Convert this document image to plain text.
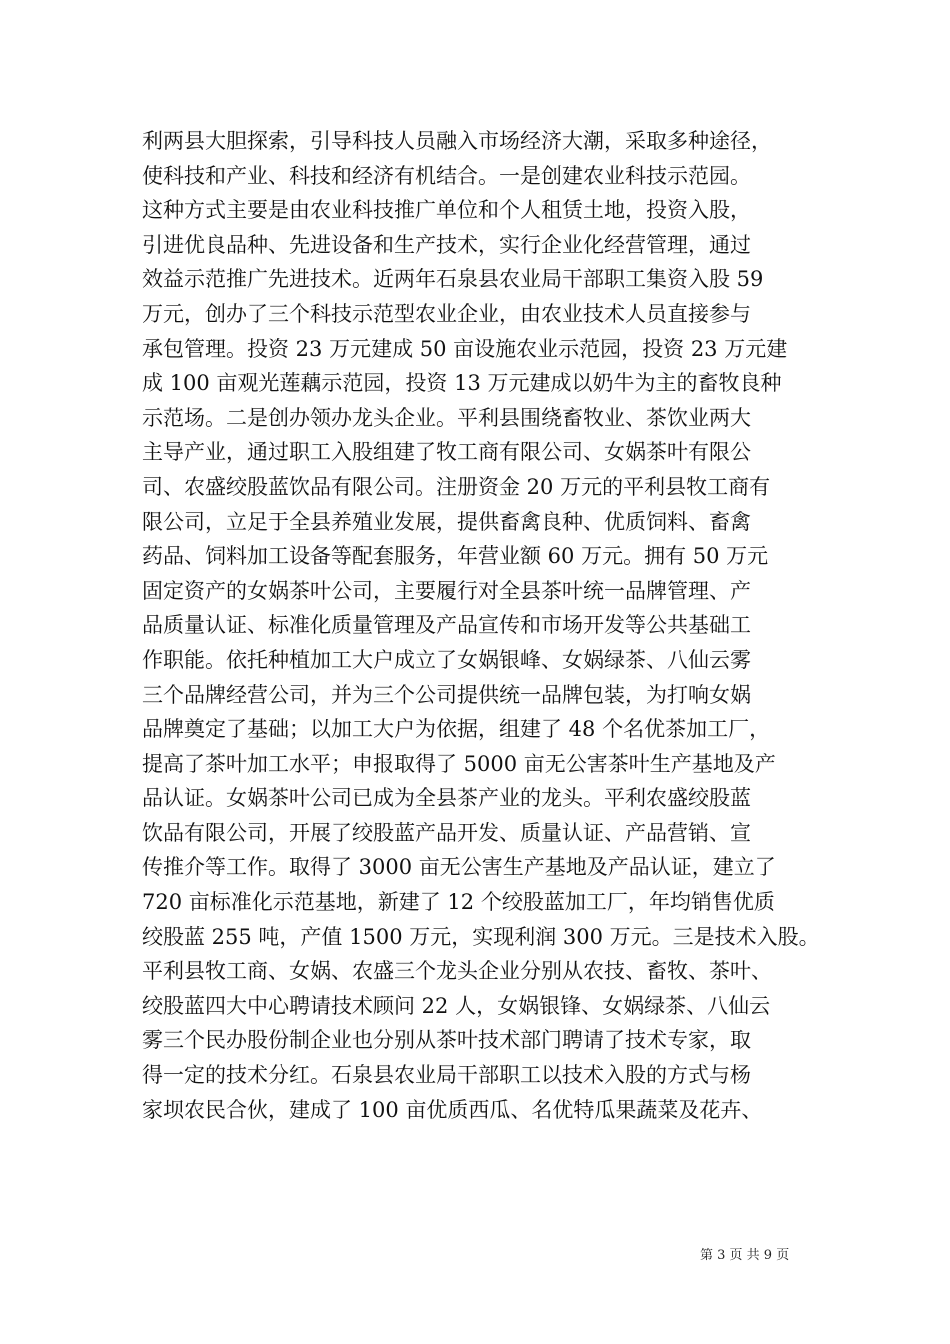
利两县大胆探索，引导科技人员融入市场经济大潮，采取多种途径，
使科技和产业、科技和经济有机结合。一是创建农业科技示范园。
这种方式主要是由农业科技推广单位和个人租赁土地，投资入股，
引进优良品种、先进设备和生产技术，实行企业化经营管理，通过
效益示范推广先进技术。近两年石泉县农业局干部职工集资入股 59
万元，创办了三个科技示范型农业企业，由农业技术人员直接参与
承包管理。投资 23 万元建成 50 亩设施农业示范园，投资 23 万元建
成 100 亩观光莲藕示范园，投资 13 万元建成以奶牛为主的畜牧良种
示范场。二是创办领办龙头企业。平利县围绕畜牧业、茶饮业两大
主导产业，通过职工入股组建了牧工商有限公司、女娲茶叶有限公
司、农盛绞股蓝饮品有限公司。注册资金 20 万元的平利县牧工商有
限公司，立足于全县养殖业发展，提供畜禽良种、优质饲料、畜禽
药品、饲料加工设备等配套服务，年营业额 60 万元。拥有 50 万元
固定资产的女娲茶叶公司，主要履行对全县茶叶统一品牌管理、产
品质量认证、标准化质量管理及产品宣传和市场开发等公共基础工
作职能。依托种植加工大户成立了女娲银峰、女娲绿茶、八仙云雾
三个品牌经营公司，并为三个公司提供统一品牌包装，为打响女娲
品牌奠定了基础；以加工大户为依据，组建了 48 个名优茶加工厂，
提高了茶叶加工水平；申报取得了 5000 亩无公害茶叶生产基地及产
品认证。女娲茶叶公司已成为全县茶产业的龙头。平利农盛绞股蓝
饮品有限公司，开展了绞股蓝产品开发、质量认证、产品营销、宣
传推介等工作。取得了 3000 亩无公害生产基地及产品认证，建立了
720 亩标准化示范基地，新建了 12 个绞股蓝加工厂，年均销售优质
绞股蓝 255 吨，产值 1500 万元，实现利润 300 万元。三是技术入股。
平利县牧工商、女娲、农盛三个龙头企业分别从农技、畜牧、茶叶、
绞股蓝四大中心聘请技术顾问 22 人，女娲银锋、女娲绿茶、八仙云
雾三个民办股份制企业也分别从茶叶技术部门聘请了技术专家，取
得一定的技术分红。石泉县农业局干部职工以技术入股的方式与杨
家坝农民合伙，建成了 100 亩优质西瓜、名优特瓜果蔬菜及花卉、
第 3 页 共 9 页
